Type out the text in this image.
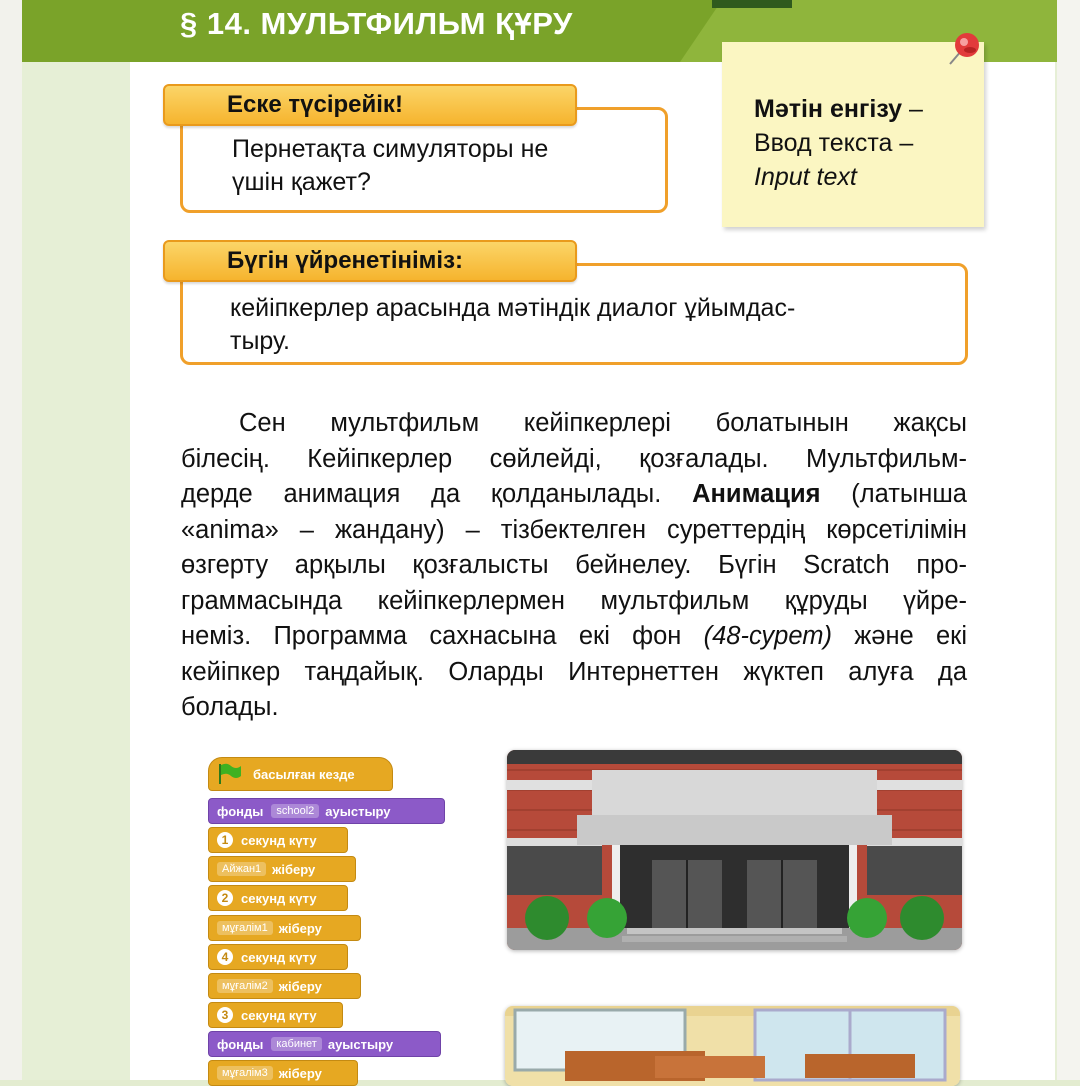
§ 14. МУЛЬТФИЛЬМ ҚҰРУ
Еске түсірейік!
Пернетақта симуляторы не
үшін қажет?
Мәтін енгізу –
Ввод текста –
Input text
Бүгін үйренетініміз:
кейіпкерлер арасында мәтіндік диалог ұйымдас-
тыру.
Сен мультфильм кейіпкерлері болатынын жақсы
білесің. Кейіпкерлер сөйлейді, қозғалады. Мультфильм-
дерде анимация да қолданылады. Анимация (латынша
«anima» – жандану) – тізбектелген суреттердің көрсетілімін
өзгерту арқылы қозғалысты бейнелеу. Бүгін Scratch про-
граммасында кейіпкерлермен мультфильм құруды үйре-
неміз. Программа сахнасына екі фон (48-сурет) және екі
кейіпкер таңдайық. Оларды Интернеттен жүктеп алуға да
болады.
басылған кезде
фонды	school2 ауыстыру
1 секунд күту
Айжан1 жіберу
2 секунд күту
мұғалім1 жіберу
4 секунд күту
мұғалім2 жіберу
3 секунд күту
фонды	кабинет ауыстыру
мұғалім3 жіберу
